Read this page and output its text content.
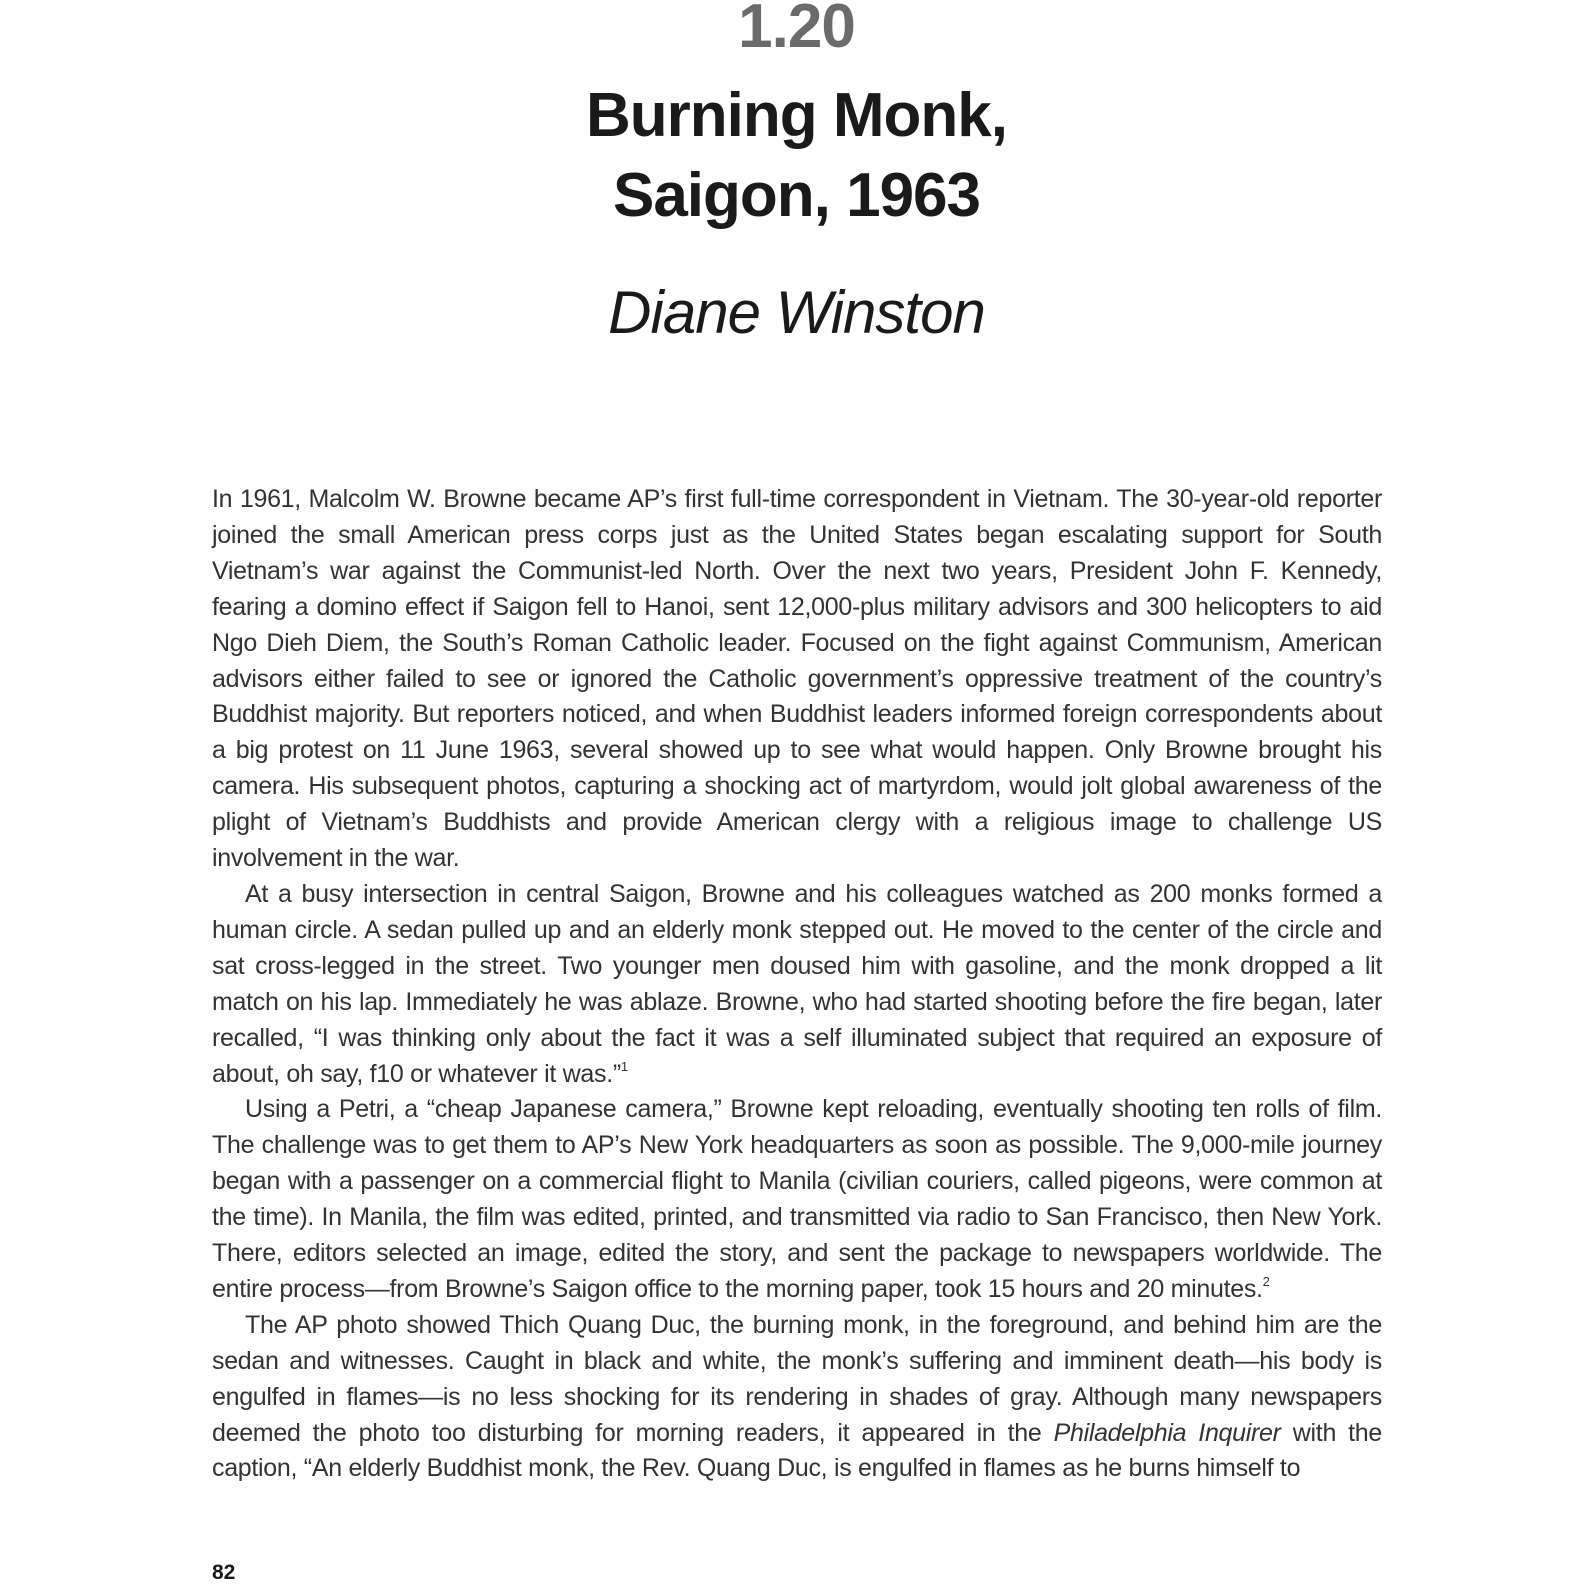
1.20
Burning Monk,
Saigon, 1963
Diane Winston

In 1961, Malcolm W. Browne became AP’s first full-time correspondent in Vietnam. The 30-year-old reporter joined the small American press corps just as the United States began escalating support for South Vietnam’s war against the Communist-led North. Over the next two years, President John F. Kennedy, fearing a domino effect if Saigon fell to Hanoi, sent 12,000-plus military advisors and 300 helicopters to aid Ngo Dieh Diem, the South’s Roman Catholic leader. Focused on the fight against Communism, American advisors either failed to see or ignored the Catholic government’s oppressive treatment of the country’s Buddhist majority. But reporters noticed, and when Buddhist leaders informed foreign correspondents about a big protest on 11 June 1963, several showed up to see what would happen. Only Browne brought his camera. His subsequent photos, capturing a shocking act of martyrdom, would jolt global awareness of the plight of Vietnam’s Buddhists and provide American clergy with a religious image to challenge US involvement in the war.

At a busy intersection in central Saigon, Browne and his colleagues watched as 200 monks formed a human circle. A sedan pulled up and an elderly monk stepped out. He moved to the center of the circle and sat cross-legged in the street. Two younger men doused him with gasoline, and the monk dropped a lit match on his lap. Immediately he was ablaze. Browne, who had started shooting before the fire began, later recalled, “I was thinking only about the fact it was a self illuminated subject that required an exposure of about, oh say, f10 or whatever it was.”$^1$

Using a Petri, a “cheap Japanese camera,” Browne kept reloading, eventually shooting ten rolls of film. The challenge was to get them to AP’s New York headquarters as soon as possible. The 9,000-mile journey began with a passenger on a commercial flight to Manila (civilian couriers, called pigeons, were common at the time). In Manila, the film was edited, printed, and transmitted via radio to San Francisco, then New York. There, editors selected an image, edited the story, and sent the package to newspapers worldwide. The entire process—from Browne’s Saigon office to the morning paper, took 15 hours and 20 minutes.$^2$

The AP photo showed Thich Quang Duc, the burning monk, in the foreground, and behind him are the sedan and witnesses. Caught in black and white, the monk’s suffering and imminent death—his body is engulfed in flames—is no less shocking for its rendering in shades of gray. Although many newspapers deemed the photo too disturbing for morning readers, it appeared in the Philadelphia Inquirer with the caption, “An elderly Buddhist monk, the Rev. Quang Duc, is engulfed in flames as he burns himself to

82
